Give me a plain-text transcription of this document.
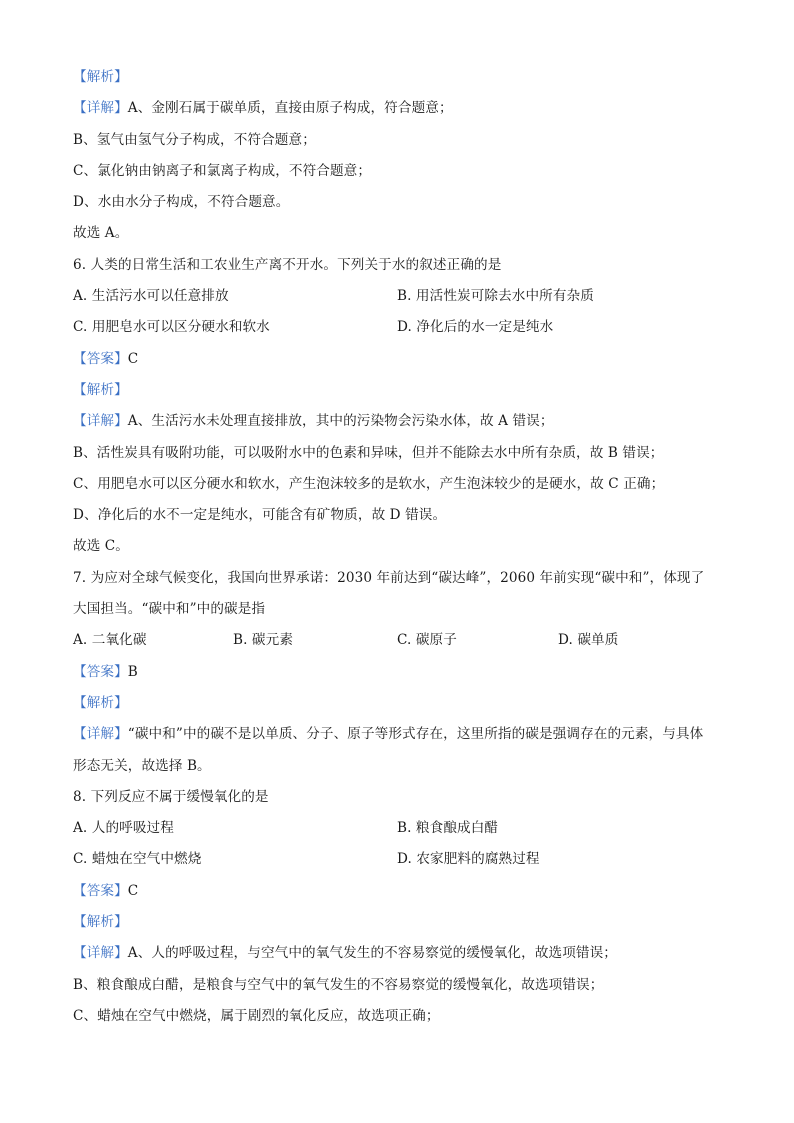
【解析】
【详解】A、金刚石属于碳单质，直接由原子构成，符合题意；
B、氢气由氢气分子构成，不符合题意；
C、氯化钠由钠离子和氯离子构成，不符合题意；
D、水由水分子构成，不符合题意。
故选 A。
6. 人类的日常生活和工农业生产离不开水。下列关于水的叙述正确的是
A. 生活污水可以任意排放	B. 用活性炭可除去水中所有杂质
C. 用肥皂水可以区分硬水和软水	D. 净化后的水一定是纯水
【答案】C
【解析】
【详解】A、生活污水未处理直接排放，其中的污染物会污染水体，故 A 错误；
B、活性炭具有吸附功能，可以吸附水中的色素和异味，但并不能除去水中所有杂质，故 B 错误；
C、用肥皂水可以区分硬水和软水，产生泡沫较多的是软水，产生泡沫较少的是硬水，故 C 正确；
D、净化后的水不一定是纯水，可能含有矿物质，故 D 错误。
故选 C。
7. 为应对全球气候变化，我国向世界承诺：2030 年前达到“碳达峰”，2060 年前实现“碳中和”，体现了
大国担当。“碳中和”中的碳是指
A. 二氧化碳	B. 碳元素	C. 碳原子	D. 碳单质
【答案】B
【解析】
【详解】“碳中和”中的碳不是以单质、分子、原子等形式存在，这里所指的碳是强调存在的元素，与具体
形态无关，故选择 B。
8. 下列反应不属于缓慢氧化的是
A. 人的呼吸过程	B. 粮食酿成白醋
C. 蜡烛在空气中燃烧	D. 农家肥料的腐熟过程
【答案】C
【解析】
【详解】A、人的呼吸过程，与空气中的氧气发生的不容易察觉的缓慢氧化，故选项错误；
B、粮食酿成白醋，是粮食与空气中的氧气发生的不容易察觉的缓慢氧化，故选项错误；
C、蜡烛在空气中燃烧，属于剧烈的氧化反应，故选项正确；
